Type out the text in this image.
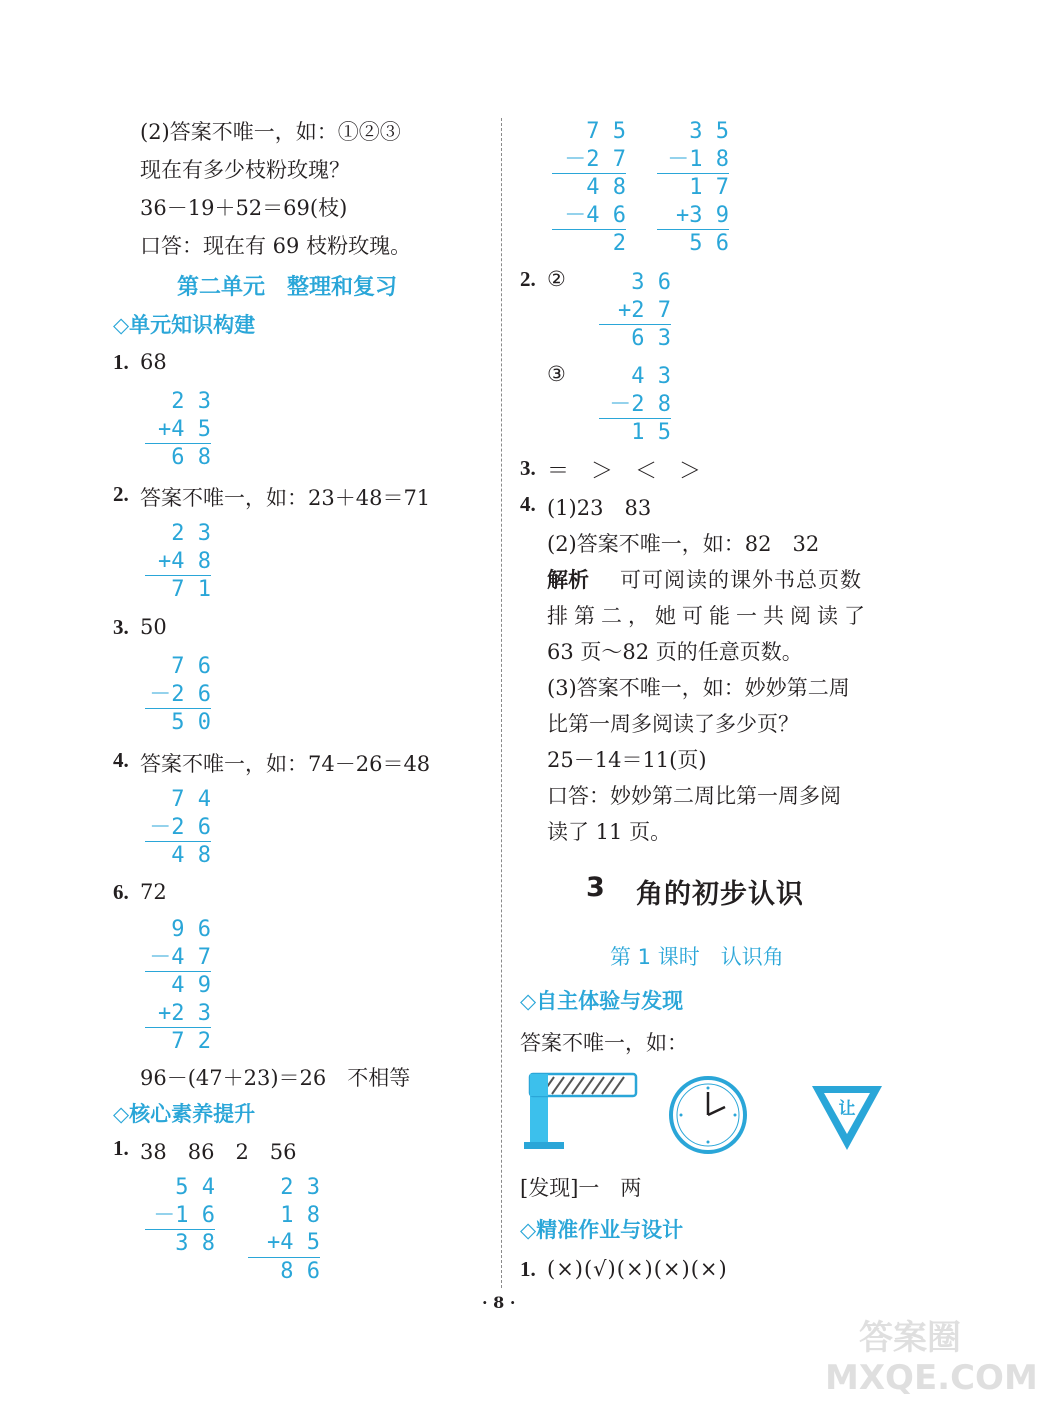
(2)答案不唯一，如：①②③
现在有多少枝粉玫瑰？
36－19＋52＝69(枝)
口答：现在有 69 枝粉玫瑰。
第二单元　整理和复习
◇单元知识构建
1. 68
2 3
+4 5
6 8
2. 答案不唯一，如：23＋48＝71
2 3
+4 8
7 1
3. 50
7 6
－2 6
5 0
4. 答案不唯一，如：74－26＝48
7 4
－2 6
4 8
6. 72
9 6
－4 7
4 9
+2 3
7 2
96－(47＋23)＝26　不相等
◇核心素养提升
1. 38　86　2　56
5 4
－1 6
3 8
2 3
1 8
+4 5
8 6
7 5
－2 7
4 8
－4 6
2
3 5
－1 8
1 7
+3 9
5 6
2. ②	3 6
+2 7
6 3
③	4 3
－2 8
1 5
3. ＝　＞　＜　＞
4. (1)23　83
(2)答案不唯一，如：82　32
解析 可可阅读的课外书总页数
排第二，她可能一共阅读了
63 页～82 页的任意页数。
(3)答案不唯一，如：妙妙第二周
比第一周多阅读了多少页？
25－14＝11(页)
口答：妙妙第二周比第一周多阅
读了 11 页。
3 角的初步认识
第 1 课时　认识角
◇自主体验与发现
答案不唯一，如：
让
[发现]一　两
◇精准作业与设计
1. (×)(√)(×)(×)(×)
· 8 ·
答案圈 MXQE.COM
